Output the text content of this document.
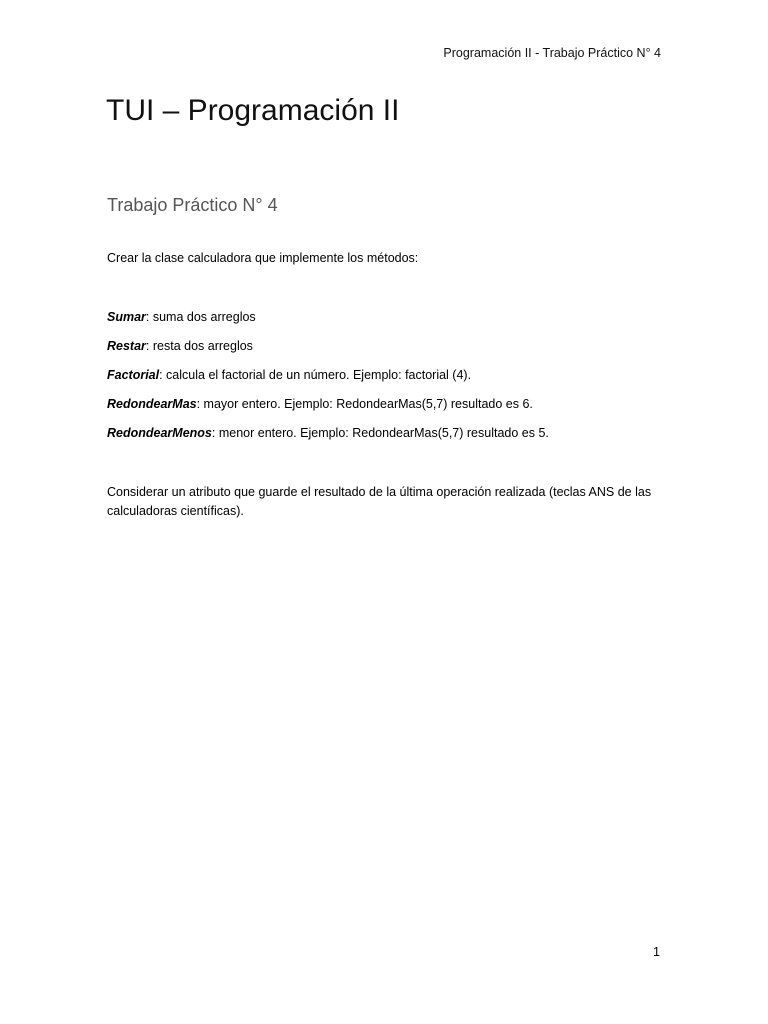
Programación II - Trabajo Práctico N° 4
TUI – Programación II
Trabajo Práctico N° 4

Crear la clase calculadora que implemente los métodos:

Sumar: suma dos arreglos
Restar: resta dos arreglos
Factorial: calcula el factorial de un número. Ejemplo: factorial (4).
RedondearMas: mayor entero. Ejemplo: RedondearMas(5,7) resultado es 6.
RedondearMenos: menor entero. Ejemplo: RedondearMas(5,7) resultado es 5.

Considerar un atributo que guarde el resultado de la última operación realizada (teclas ANS de las calculadoras científicas).

1
